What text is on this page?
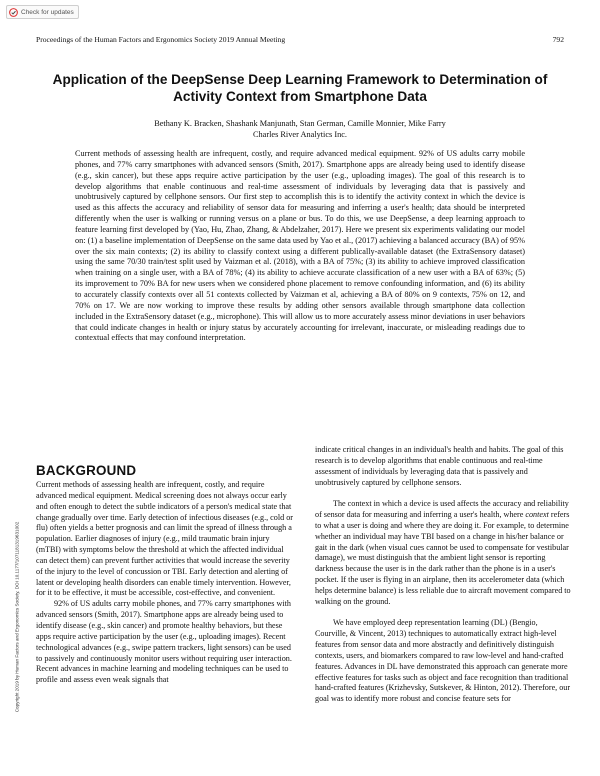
Check for updates
Proceedings of the Human Factors and Ergonomics Society 2019 Annual Meeting	792
Application of the DeepSense Deep Learning Framework to Determination of Activity Context from Smartphone Data
Bethany K. Bracken, Shashank Manjunath, Stan German, Camille Monnier, Mike Farry
Charles River Analytics Inc.

Current methods of assessing health are infrequent, costly, and require advanced medical equipment. 92% of US adults carry mobile phones, and 77% carry smartphones with advanced sensors (Smith, 2017). Smartphone apps are already being used to identify disease (e.g., skin cancer), but these apps require active participation by the user (e.g., uploading images). The goal of this research is to develop algorithms that enable continuous and real-time assessment of individuals by leveraging data that is passively and unobtrusively captured by cellphone sensors. Our first step to accomplish this is to identify the activity context in which the device is used as this affects the accuracy and reliability of sensor data for measuring and inferring a user's health; data should be interpreted differently when the user is walking or running versus on a plane or bus. To do this, we use DeepSense, a deep learning approach to feature learning first developed by (Yao, Hu, Zhao, Zhang, & Abdelzaher, 2017). Here we present six experiments validating our model on: (1) a baseline implementation of DeepSense on the same data used by Yao et al., (2017) achieving a balanced accuracy (BA) of 95% over the six main contexts; (2) its ability to classify context using a different publically-available dataset (the ExtraSensory dataset) using the same 70/30 train/test split used by Vaizman et al. (2018), with a BA of 75%; (3) its ability to achieve improved classification when training on a single user, with a BA of 78%; (4) its ability to achieve accurate classification of a new user with a BA of 63%; (5) its improvement to 70% BA for new users when we considered phone placement to remove confounding information, and (6) its ability to accurately classify contexts over all 51 contexts collected by Vaizman et al, achieving a BA of 80% on 9 contexts, 75% on 12, and 70% on 17. We are now working to improve these results by adding other sensors available through smartphone data collection included in the ExtraSensory dataset (e.g., microphone). This will allow us to more accurately assess minor deviations in user behaviors that could indicate changes in health or injury status by accurately accounting for irrelevant, inaccurate, or misleading readings due to contextual effects that may confound interpretation.

Copyright 2019 by Human Factors and Ergonomics Society. DOI 10.1177/1071181319631002
BACKGROUND

Current methods of assessing health are infrequent, costly, and require advanced medical equipment. Medical screening does not always occur early and often enough to detect the subtle indicators of a person's medical state that change gradually over time. Early detection of infectious diseases (e.g., cold or flu) often yields a better prognosis and can limit the spread of illness through a population. Earlier diagnoses of injury (e.g., mild traumatic brain injury (mTBI) with symptoms below the threshold at which the affected individual can detect them) can prevent further activities that would increase the severity of the injury to the level of concussion or TBI. Early detection and alerting of latent or developing health disorders can enable timely intervention. However, for it to be effective, it must be accessible, cost-effective, and convenient.

92% of US adults carry mobile phones, and 77% carry smartphones with advanced sensors (Smith, 2017). Smartphone apps are already being used to identify disease (e.g., skin cancer) and promote healthy behaviors, but these apps require active participation by the user (e.g., uploading images). Recent technological advances (e.g., swipe pattern trackers, light sensors) can be used to passively and continuously monitor users without requiring user interaction. Recent advances in machine learning and modeling techniques can be used to profile and assess even weak signals that

indicate critical changes in an individual's health and habits. The goal of this research is to develop algorithms that enable continuous and real-time assessment of individuals by leveraging data that is passively and unobtrusively captured by cellphone sensors.

The context in which a device is used affects the accuracy and reliability of sensor data for measuring and inferring a user's health, where context refers to what a user is doing and where they are doing it. For example, to determine whether an individual may have TBI based on a change in his/her balance or gait in the dark (when visual cues cannot be used to compensate for vestibular damage), we must distinguish that the ambient light sensor is reporting darkness because the user is in the dark rather than the phone is in a user's pocket. If the user is flying in an airplane, then its accelerometer data (which helps determine balance) is less reliable due to aircraft movement compared to walking on the ground.

We have employed deep representation learning (DL) (Bengio, Courville, & Vincent, 2013) techniques to automatically extract high-level features from sensor data and more abstractly and definitively distinguish contexts, users, and biomarkers compared to raw low-level and hand-crafted features. Advances in DL have demonstrated this approach can generate more effective features for tasks such as object and face recognition than traditional hand-crafted features (Krizhevsky, Sutskever, & Hinton, 2012). Therefore, our goal was to identify more robust and concise feature sets for
